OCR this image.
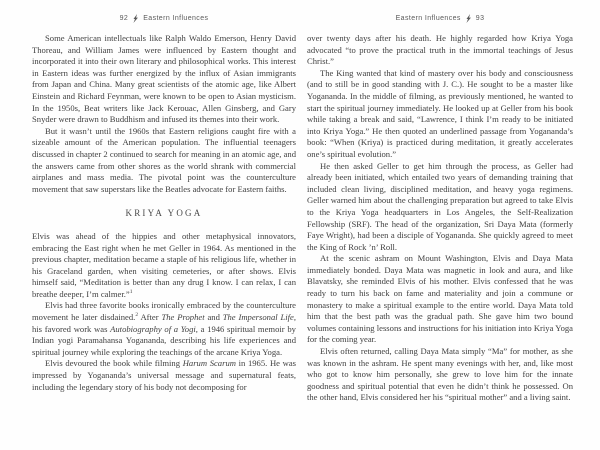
92 Eastern Influences

Some American intellectuals like Ralph Waldo Emerson, Henry David Thoreau, and William James were influenced by Eastern thought and incorporated it into their own literary and philosophical works. This interest in Eastern ideas was further energized by the influx of Asian immigrants from Japan and China. Many great scientists of the atomic age, like Albert Einstein and Richard Feynman, were known to be open to Asian mysticism. In the 1950s, Beat writers like Jack Kerouac, Allen Ginsberg, and Gary Snyder were drawn to Buddhism and infused its themes into their work.

But it wasn’t until the 1960s that Eastern religions caught fire with a sizeable amount of the American population. The influential teenagers discussed in chapter 2 continued to search for meaning in an atomic age, and the answers came from other shores as the world shrank with commercial airplanes and mass media. The pivotal point was the counterculture movement that saw superstars like the Beatles advocate for Eastern faiths.

KRIYA YOGA

Elvis was ahead of the hippies and other metaphysical innovators, embracing the East right when he met Geller in 1964. As mentioned in the previous chapter, meditation became a staple of his religious life, whether in his Graceland garden, when visiting cemeteries, or after shows. Elvis himself said, “Meditation is better than any drug I know. I can relax, I can breathe deeper, I’m calmer.”$^1$

Elvis had three favorite books ironically embraced by the counterculture movement he later disdained.$^2$ After The Prophet and The Impersonal Life, his favored work was Autobiography of a Yogi, a 1946 spiritual memoir by Indian yogi Paramahansa Yogananda, describing his life experiences and spiritual journey while exploring the teachings of the arcane Kriya Yoga.

Elvis devoured the book while filming Harum Scarum in 1965. He was impressed by Yogananda’s universal message and supernatural feats, including the legendary story of his body not decomposing for

Eastern Influences 93

over twenty days after his death. He highly regarded how Kriya Yoga advocated “to prove the practical truth in the immortal teachings of Jesus Christ.”

The King wanted that kind of mastery over his body and consciousness (and to still be in good standing with J. C.). He sought to be a master like Yogananda. In the middle of filming, as previously mentioned, he wanted to start the spiritual journey immediately. He looked up at Geller from his book while taking a break and said, “Lawrence, I think I’m ready to be initiated into Kriya Yoga.” He then quoted an underlined passage from Yogananda’s book: “When (Kriya) is practiced during meditation, it greatly accelerates one’s spiritual evolution.”

He then asked Geller to get him through the process, as Geller had already been initiated, which entailed two years of demanding training that included clean living, disciplined meditation, and heavy yoga regimens. Geller warned him about the challenging preparation but agreed to take Elvis to the Kriya Yoga headquarters in Los Angeles, the Self-Realization Fellowship (SRF). The head of the organization, Sri Daya Mata (formerly Faye Wright), had been a disciple of Yogananda. She quickly agreed to meet the King of Rock ’n’ Roll.

At the scenic ashram on Mount Washington, Elvis and Daya Mata immediately bonded. Daya Mata was magnetic in look and aura, and like Blavatsky, she reminded Elvis of his mother. Elvis confessed that he was ready to turn his back on fame and materiality and join a commune or monastery to make a spiritual example to the entire world. Daya Mata told him that the best path was the gradual path. She gave him two bound volumes containing lessons and instructions for his initiation into Kriya Yoga for the coming year.

Elvis often returned, calling Daya Mata simply “Ma” for mother, as she was known in the ashram. He spent many evenings with her, and, like most who got to know him personally, she grew to love him for the innate goodness and spiritual potential that even he didn’t think he possessed. On the other hand, Elvis considered her his “spiritual mother” and a living saint.
